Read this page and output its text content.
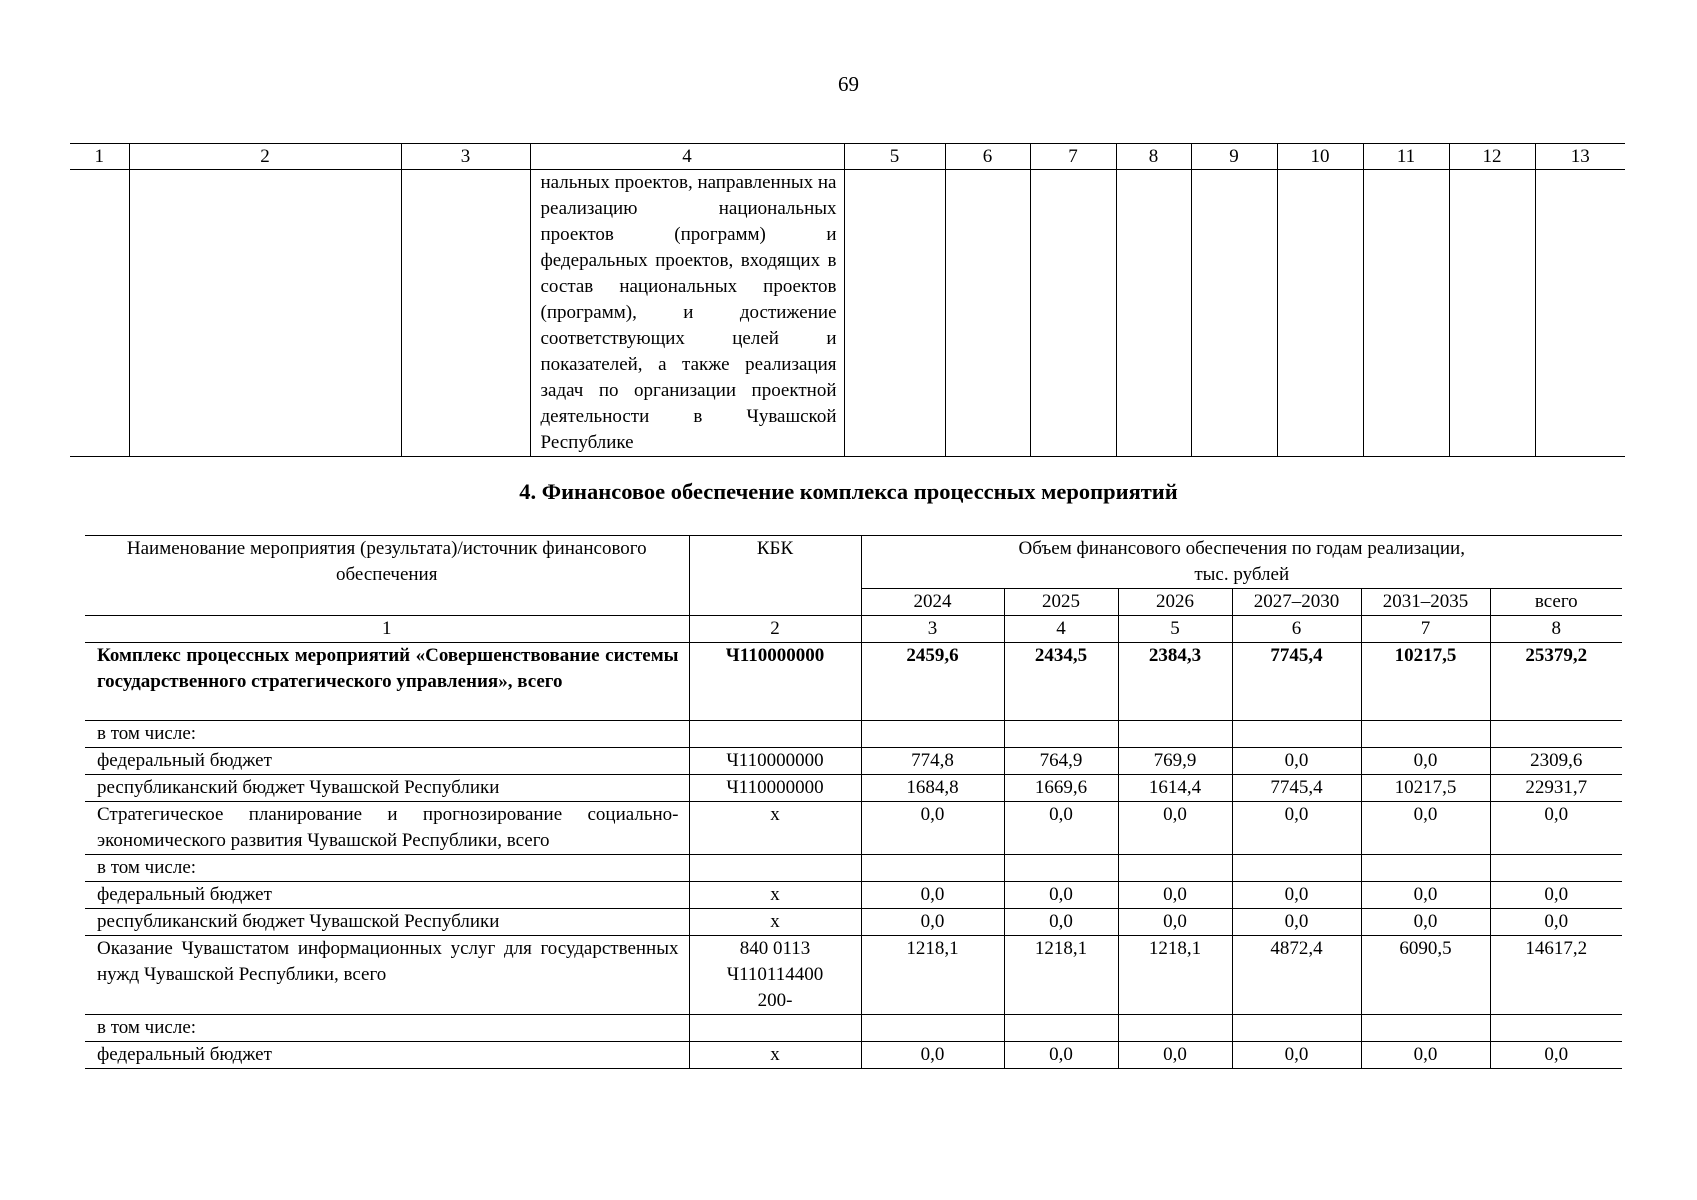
69
1	2	3	4	5	6	7	8	9	10	11	12	13
			нальных проектов, направленных на реализацию национальных проектов (программ) и федеральных проектов, входящих в состав национальных проектов (программ), и достижение соответствующих целей и показателей, а также реализация задач по организации проектной деятельности в Чувашской Республике									
4. Финансовое обеспечение комплекса процессных мероприятий
Наименование мероприятия (результата)/источник финансового обеспечения	КБК	Объем финансового обеспечения по годам реализации, тыс. рублей					
		2024	2025	2026	2027–2030	2031–2035	всего
1	2	3	4	5	6	7	8
Комплекс процессных мероприятий «Совершенствование системы государственного стратегического управления», всего	Ч110000000	2459,6	2434,5	2384,3	7745,4	10217,5	25379,2
в том числе:							
федеральный бюджет	Ч110000000	774,8	764,9	769,9	0,0	0,0	2309,6
республиканский бюджет Чувашской Республики	Ч110000000	1684,8	1669,6	1614,4	7745,4	10217,5	22931,7
Стратегическое планирование и прогнозирование социально-экономического развития Чувашской Республики, всего	х	0,0	0,0	0,0	0,0	0,0	0,0
в том числе:							
федеральный бюджет	х	0,0	0,0	0,0	0,0	0,0	0,0
республиканский бюджет Чувашской Республики	х	0,0	0,0	0,0	0,0	0,0	0,0
Оказание Чувашстатом информационных услуг для государственных нужд Чувашской Республики, всего	840 0113 Ч110114400 200-	1218,1	1218,1	1218,1	4872,4	6090,5	14617,2
в том числе:							
федеральный бюджет	х	0,0	0,0	0,0	0,0	0,0	0,0
